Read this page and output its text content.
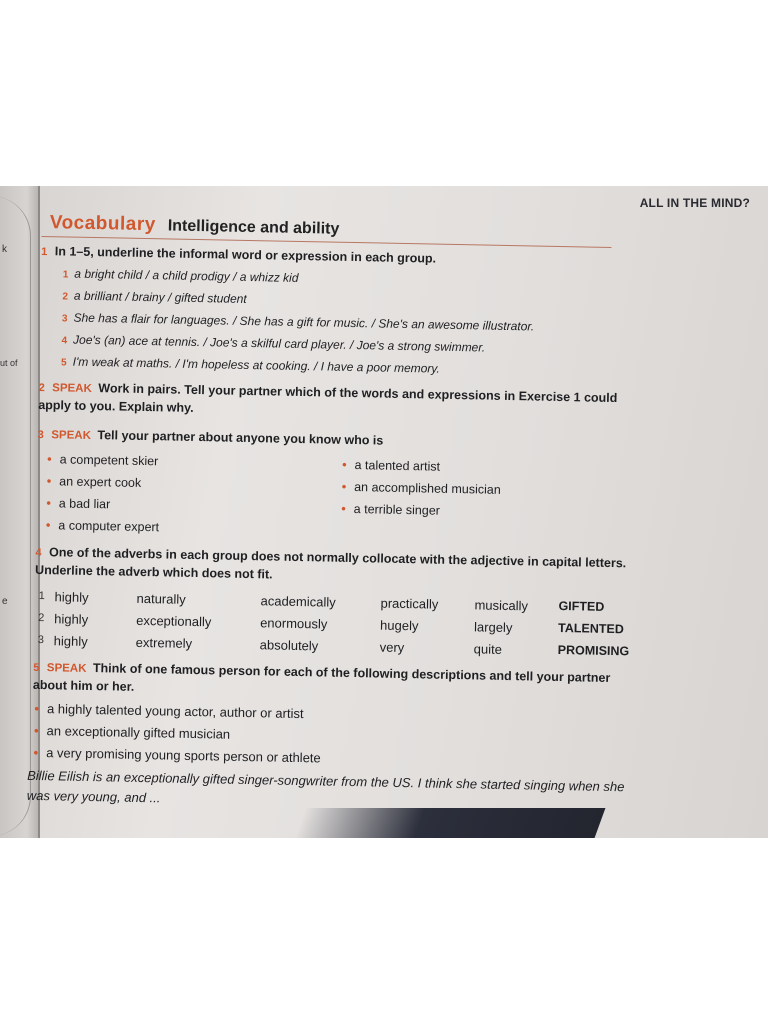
k
ut of
e
ALL IN THE MIND?
Vocabulary Intelligence and ability
1 In 1–5, underline the informal word or expression in each group.
1 a bright child / a child prodigy / a whizz kid
2 a brilliant / brainy / gifted student
3 She has a flair for languages. / She has a gift for music. / She's an awesome illustrator.
4 Joe's (an) ace at tennis. / Joe's a skilful card player. / Joe's a strong swimmer.
5 I'm weak at maths. / I'm hopeless at cooking. / I have a poor memory.
2 SPEAK Work in pairs. Tell your partner which of the words and expressions in Exercise 1 could apply to you. Explain why.
3 SPEAK Tell your partner about anyone you know who is
• a competent skier
• an expert cook
• a bad liar
• a computer expert
• a talented artist
• an accomplished musician
• a terrible singer
4 One of the adverbs in each group does not normally collocate with the adjective in capital letters. Underline the adverb which does not fit.
1	highly	naturally	academically	practically	musically	GIFTED
2	highly	exceptionally	enormously	hugely	largely	TALENTED
3	highly	extremely	absolutely	very	quite	PROMISING
5 SPEAK Think of one famous person for each of the following descriptions and tell your partner about him or her.
• a highly talented young actor, author or artist
• an exceptionally gifted musician
• a very promising young sports person or athlete
Billie Eilish is an exceptionally gifted singer-songwriter from the US. I think she started singing when she was very young, and ...
